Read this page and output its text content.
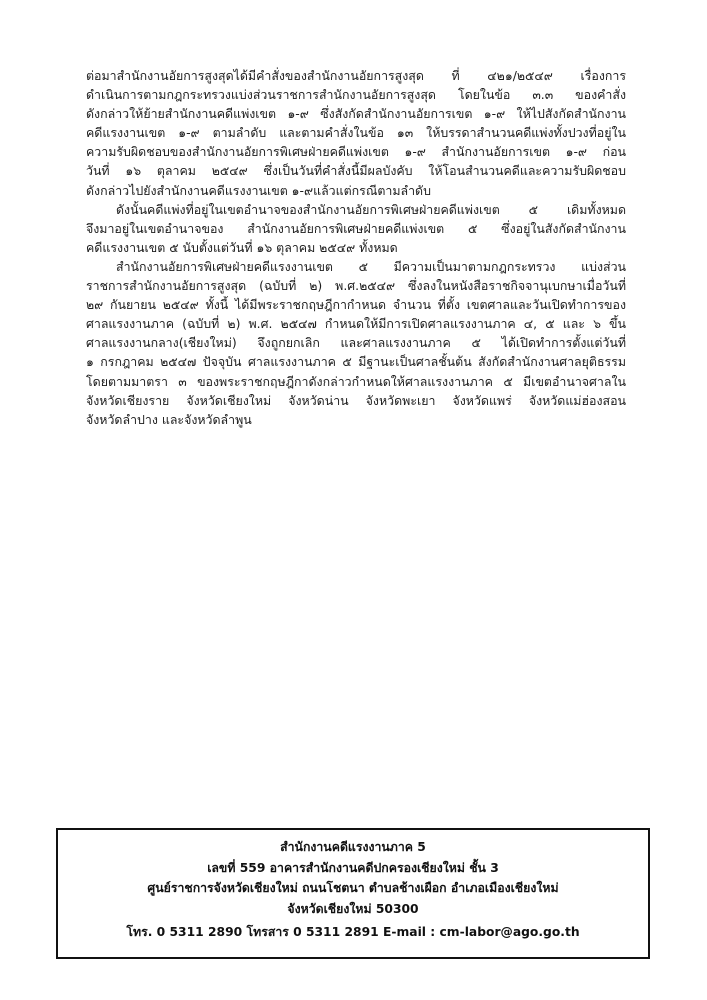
ต่อมาสำนักงานอัยการสูงสุดได้มีคำสั่งของสำนักงานอัยการสูงสุด ที่ ๔๒๑/๒๕๔๙ เรื่องการ
ดำเนินการตามกฎกระทรวงแบ่งส่วนราชการสำนักงานอัยการสูงสุด โดยในข้อ ๓.๓ ของคำสั่ง
ดังกล่าวให้ย้ายสำนักงานคดีแพ่งเขต ๑-๙ ซึ่งสังกัดสำนักงานอัยการเขต ๑-๙ ให้ไปสังกัดสำนักงาน
คดีแรงงานเขต ๑-๙ ตามลำดับ และตามคำสั่งในข้อ ๑๓ ให้บรรดาสำนวนคดีแพ่งทั้งปวงที่อยู่ใน
ความรับผิดชอบของสำนักงานอัยการพิเศษฝ่ายคดีแพ่งเขต ๑-๙ สำนักงานอัยการเขต ๑-๙ ก่อน
วันที่ ๑๖ ตุลาคม ๒๕๔๙ ซึ่งเป็นวันที่คำสั่งนี้มีผลบังคับ ให้โอนสำนวนคดีและความรับผิดชอบ
ดังกล่าวไปยังสำนักงานคดีแรงงานเขต ๑-๙แล้วแต่กรณีตามลำดับ
ดังนั้นคดีแพ่งที่อยู่ในเขตอำนาจของสำนักงานอัยการพิเศษฝ่ายคดีแพ่งเขต ๕ เดิมทั้งหมด
จึงมาอยู่ในเขตอำนาจของ สำนักงานอัยการพิเศษฝ่ายคดีแพ่งเขต ๕ ซึ่งอยู่ในสังกัดสำนักงาน
คดีแรงงานเขต ๕ นับตั้งแต่วันที่ ๑๖ ตุลาคม ๒๕๔๙ ทั้งหมด
สำนักงานอัยการพิเศษฝ่ายคดีแรงงานเขต ๕ มีความเป็นมาตามกฎกระทรวง แบ่งส่วน
ราชการสำนักงานอัยการสูงสุด (ฉบับที่ ๒) พ.ศ.๒๕๔๙ ซึ่งลงในหนังสือราชกิจจานุเบกษาเมื่อวันที่
๒๙ กันยายน ๒๕๔๙ ทั้งนี้ ได้มีพระราชกฤษฎีกากำหนด จำนวน ที่ตั้ง เขตศาลและวันเปิดทำการของ
ศาลแรงงานภาค (ฉบับที่ ๒) พ.ศ. ๒๕๔๗ กำหนดให้มีการเปิดศาลแรงงานภาค ๔, ๕ และ ๖ ขึ้น
ศาลแรงงานกลาง(เชียงใหม่) จึงถูกยกเลิก และศาลแรงงานภาค ๕ ได้เปิดทำการตั้งแต่วันที่
๑ กรกฎาคม ๒๕๔๗ ปัจจุบัน ศาลแรงงานภาค ๕ มีฐานะเป็นศาลชั้นต้น สังกัดสำนักงานศาลยุติธรรม
โดยตามมาตรา ๓ ของพระราชกฤษฎีกาดังกล่าวกำหนดให้ศาลแรงงานภาค ๕ มีเขตอำนาจศาลใน
จังหวัดเชียงราย จังหวัดเชียงใหม่ จังหวัดน่าน จังหวัดพะเยา จังหวัดแพร่ จังหวัดแม่ฮ่องสอน
จังหวัดลำปาง และจังหวัดลำพูน
สำนักงานคดีแรงงานภาค 5
เลขที่ 559 อาคารสำนักงานคดีปกครองเชียงใหม่ ชั้น 3
ศูนย์ราชการจังหวัดเชียงใหม่ ถนนโชตนา ตำบลช้างเผือก อำเภอเมืองเชียงใหม่
จังหวัดเชียงใหม่ 50300
โทร. 0 5311 2890 โทรสาร 0 5311 2891 E-mail : cm-labor@ago.go.th
